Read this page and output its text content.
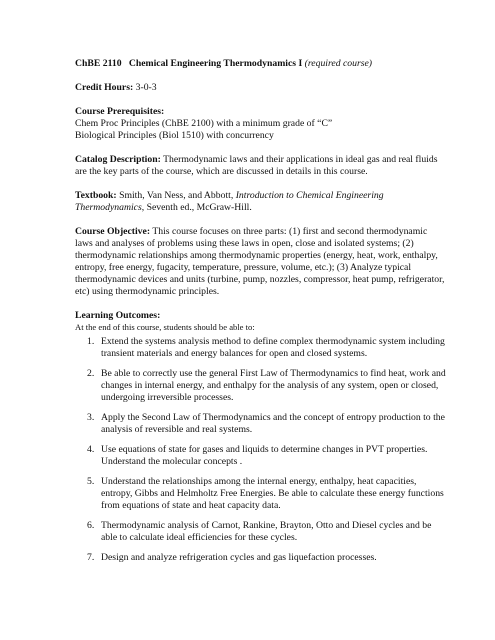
ChBE 2110 Chemical Engineering Thermodynamics I (required course)

Credit Hours: 3-0-3

Course Prerequisites:
Chem Proc Principles (ChBE 2100) with a minimum grade of “C”
Biological Principles (Biol 1510) with concurrency

Catalog Description: Thermodynamic laws and their applications in ideal gas and real fluids are the key parts of the course, which are discussed in details in this course.

Textbook: Smith, Van Ness, and Abbott, Introduction to Chemical Engineering Thermodynamics, Seventh ed., McGraw-Hill.

Course Objective: This course focuses on three parts: (1) first and second thermodynamic laws and analyses of problems using these laws in open, close and isolated systems; (2) thermodynamic relationships among thermodynamic properties (energy, heat, work, enthalpy, entropy, free energy, fugacity, temperature, pressure, volume, etc.); (3) Analyze typical thermodynamic devices and units (turbine, pump, nozzles, compressor, heat pump, refrigerator, etc) using thermodynamic principles.

Learning Outcomes:
At the end of this course, students should be able to:
1. Extend the systems analysis method to define complex thermodynamic system including transient materials and energy balances for open and closed systems.
2. Be able to correctly use the general First Law of Thermodynamics to find heat, work and changes in internal energy, and enthalpy for the analysis of any system, open or closed, undergoing irreversible processes.
3. Apply the Second Law of Thermodynamics and the concept of entropy production to the analysis of reversible and real systems.
4. Use equations of state for gases and liquids to determine changes in PVT properties. Understand the molecular concepts .
5. Understand the relationships among the internal energy, enthalpy, heat capacities, entropy, Gibbs and Helmholtz Free Energies. Be able to calculate these energy functions from equations of state and heat capacity data.
6. Thermodynamic analysis of Carnot, Rankine, Brayton, Otto and Diesel cycles and be able to calculate ideal efficiencies for these cycles.
7. Design and analyze refrigeration cycles and gas liquefaction processes.
